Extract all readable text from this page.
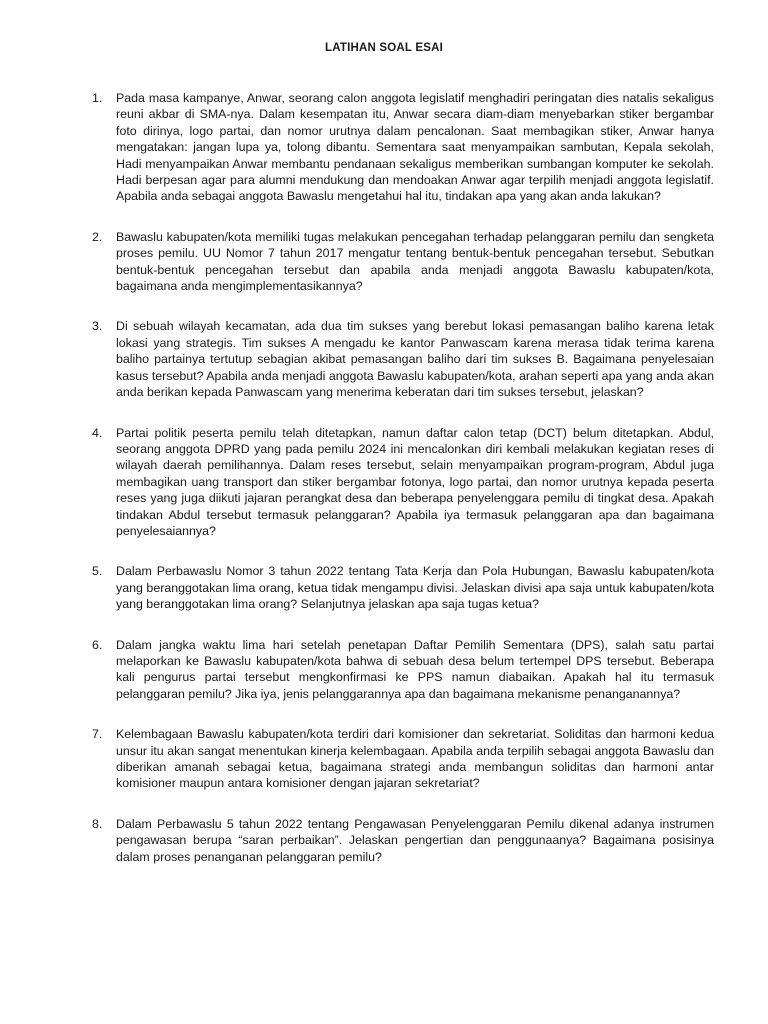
LATIHAN SOAL ESAI
1. Pada masa kampanye, Anwar, seorang calon anggota legislatif menghadiri peringatan dies natalis sekaligus reuni akbar di SMA-nya. Dalam kesempatan itu, Anwar secara diam-diam menyebarkan stiker bergambar foto dirinya, logo partai, dan nomor urutnya dalam pencalonan. Saat membagikan stiker, Anwar hanya mengatakan: jangan lupa ya, tolong dibantu. Sementara saat menyampaikan sambutan, Kepala sekolah, Hadi menyampaikan Anwar membantu pendanaan sekaligus memberikan sumbangan komputer ke sekolah. Hadi berpesan agar para alumni mendukung dan mendoakan Anwar agar terpilih menjadi anggota legislatif. Apabila anda sebagai anggota Bawaslu mengetahui hal itu, tindakan apa yang akan anda lakukan?
2. Bawaslu kabupaten/kota memiliki tugas melakukan pencegahan terhadap pelanggaran pemilu dan sengketa proses pemilu. UU Nomor 7 tahun 2017 mengatur tentang bentuk-bentuk pencegahan tersebut. Sebutkan bentuk-bentuk pencegahan tersebut dan apabila anda menjadi anggota Bawaslu kabupaten/kota, bagaimana anda mengimplementasikannya?
3. Di sebuah wilayah kecamatan, ada dua tim sukses yang berebut lokasi pemasangan baliho karena letak lokasi yang strategis. Tim sukses A mengadu ke kantor Panwascam karena merasa tidak terima karena baliho partainya tertutup sebagian akibat pemasangan baliho dari tim sukses B. Bagaimana penyelesaian kasus tersebut? Apabila anda menjadi anggota Bawaslu kabupaten/kota, arahan seperti apa yang anda akan anda berikan kepada Panwascam yang menerima keberatan dari tim sukses tersebut, jelaskan?
4. Partai politik peserta pemilu telah ditetapkan, namun daftar calon tetap (DCT) belum ditetapkan. Abdul, seorang anggota DPRD yang pada pemilu 2024 ini mencalonkan diri kembali melakukan kegiatan reses di wilayah daerah pemilihannya. Dalam reses tersebut, selain menyampaikan program-program, Abdul juga membagikan uang transport dan stiker bergambar fotonya, logo partai, dan nomor urutnya kepada peserta reses yang juga diikuti jajaran perangkat desa dan beberapa penyelenggara pemilu di tingkat desa. Apakah tindakan Abdul tersebut termasuk pelanggaran? Apabila iya termasuk pelanggaran apa dan bagaimana penyelesaiannya?
5. Dalam Perbawaslu Nomor 3 tahun 2022 tentang Tata Kerja dan Pola Hubungan, Bawaslu kabupaten/kota yang beranggotakan lima orang, ketua tidak mengampu divisi. Jelaskan divisi apa saja untuk kabupaten/kota yang beranggotakan lima orang? Selanjutnya jelaskan apa saja tugas ketua?
6. Dalam jangka waktu lima hari setelah penetapan Daftar Pemilih Sementara (DPS), salah satu partai melaporkan ke Bawaslu kabupaten/kota bahwa di sebuah desa belum tertempel DPS tersebut. Beberapa kali pengurus partai tersebut mengkonfirmasi ke PPS namun diabaikan. Apakah hal itu termasuk pelanggaran pemilu? Jika iya, jenis pelanggarannya apa dan bagaimana mekanisme penanganannya?
7. Kelembagaan Bawaslu kabupaten/kota terdiri dari komisioner dan sekretariat. Soliditas dan harmoni kedua unsur itu akan sangat menentukan kinerja kelembagaan. Apabila anda terpilih sebagai anggota Bawaslu dan diberikan amanah sebagai ketua, bagaimana strategi anda membangun soliditas dan harmoni antar komisioner maupun antara komisioner dengan jajaran sekretariat?
8. Dalam Perbawaslu 5 tahun 2022 tentang Pengawasan Penyelenggaran Pemilu dikenal adanya instrumen pengawasan berupa “saran perbaikan”. Jelaskan pengertian dan penggunaanya? Bagaimana posisinya dalam proses penanganan pelanggaran pemilu?
